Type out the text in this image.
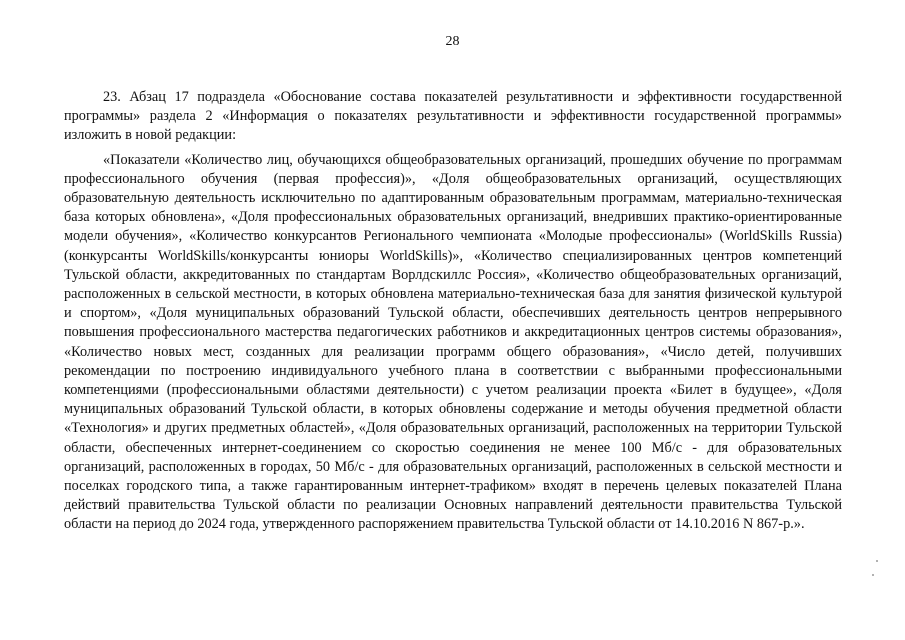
28

23. Абзац 17 подраздела «Обоснование состава показателей результативности и эффективности государственной программы» раздела 2 «Информация о показателях результативности и эффективности государственной программы» изложить в новой редакции:

«Показатели «Количество лиц, обучающихся общеобразовательных организаций, прошедших обучение по программам профессионального обучения (первая профессия)», «Доля общеобразовательных организаций, осуществляющих образовательную деятельность исключительно по адаптированным образовательным программам, материально-техническая база которых обновлена», «Доля профессиональных образовательных организаций, внедривших практико-ориентированные модели обучения», «Количество конкурсантов Регионального чемпионата «Молодые профессионалы» (WorldSkills Russia) (конкурсанты WorldSkills/конкурсанты юниоры WorldSkills)», «Количество специализированных центров компетенций Тульской области, аккредитованных по стандартам Ворлдскиллс Россия», «Количество общеобразовательных организаций, расположенных в сельской местности, в которых обновлена материально-техническая база для занятия физической культурой и спортом», «Доля муниципальных образований Тульской области, обеспечивших деятельность центров непрерывного повышения профессионального мастерства педагогических работников и аккредитационных центров системы образования», «Количество новых мест, созданных для реализации программ общего образования», «Число детей, получивших рекомендации по построению индивидуального учебного плана в соответствии с выбранными профессиональными компетенциями (профессиональными областями деятельности) с учетом реализации проекта «Билет в будущее», «Доля муниципальных образований Тульской области, в которых обновлены содержание и методы обучения предметной области «Технология» и других предметных областей», «Доля образовательных организаций, расположенных на территории Тульской области, обеспеченных интернет-соединением со скоростью соединения не менее 100 Мб/с - для образовательных организаций, расположенных в городах, 50 Мб/с - для образовательных организаций, расположенных в сельской местности и поселках городского типа, а также гарантированным интернет-трафиком» входят в перечень целевых показателей Плана действий правительства Тульской области по реализации Основных направлений деятельности правительства Тульской области на период до 2024 года, утвержденного распоряжением правительства Тульской области от 14.10.2016 N 867-р.».
